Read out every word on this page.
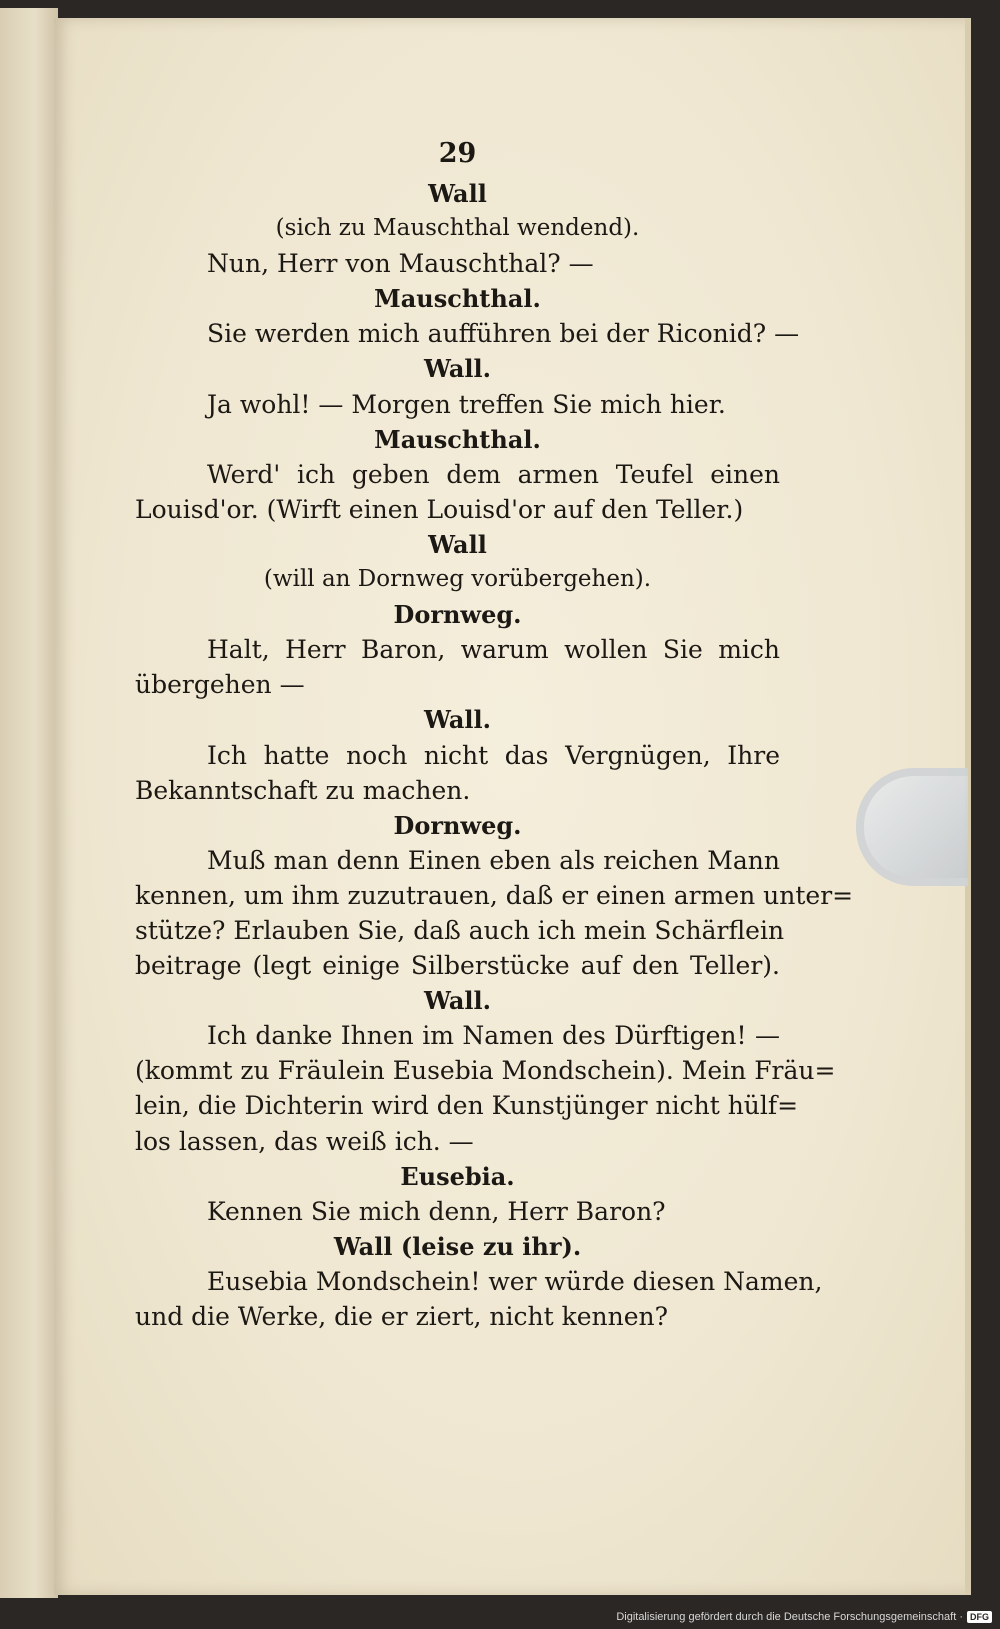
29
Wall
(sich zu Mauschthal wendend).
Nun, Herr von Mauschthal? —
Mauschthal.
Sie werden mich aufführen bei der Riconid? —
Wall.
Ja wohl! — Morgen treffen Sie mich hier.
Mauschthal.
Werd' ich geben dem armen Teufel einen
Louisd'or. (Wirft einen Louisd'or auf den Teller.)
Wall
(will an Dornweg vorübergehen).
Dornweg.
Halt, Herr Baron, warum wollen Sie mich
übergehen —
Wall.
Ich hatte noch nicht das Vergnügen, Ihre
Bekanntschaft zu machen.
Dornweg.
Muß man denn Einen eben als reichen Mann
kennen, um ihm zuzutrauen, daß er einen armen unter=
stütze? Erlauben Sie, daß auch ich mein Schärflein
beitrage (legt einige Silberstücke auf den Teller).
Wall.
Ich danke Ihnen im Namen des Dürftigen! —
(kommt zu Fräulein Eusebia Mondschein). Mein Fräu=
lein, die Dichterin wird den Kunstjünger nicht hülf=
los lassen, das weiß ich. —
Eusebia.
Kennen Sie mich denn, Herr Baron?
Wall (leise zu ihr).
Eusebia Mondschein! wer würde diesen Namen,
und die Werke, die er ziert, nicht kennen?
Digitalisierung gefördert durch die Deutsche Forschungsgemeinschaft · DFG
